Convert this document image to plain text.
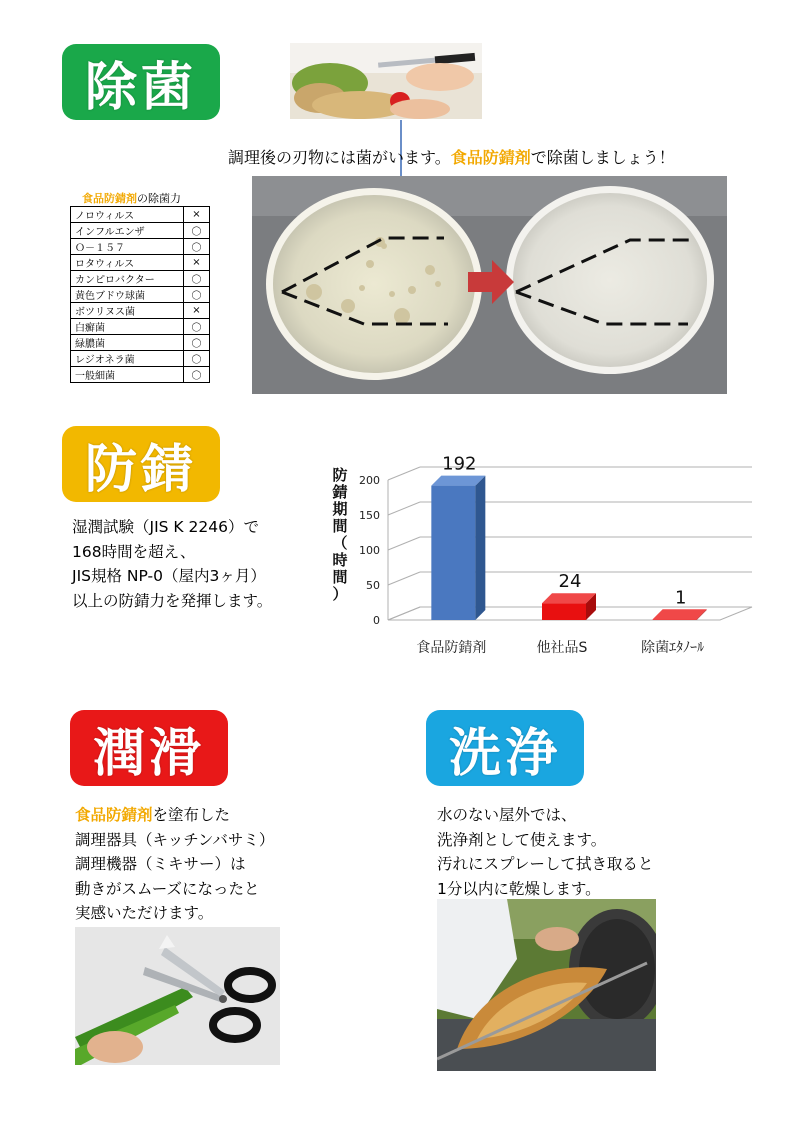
除菌
調理後の刃物には菌がいます。食品防錆剤で除菌しましょう！
食品防錆剤の除菌力
ノロウィルス	×
インフルエンザ	〇
Ｏ－１５７	〇
ロタウィルス	×
カンピロバクター	〇
黄色ブドウ球菌	〇
ボツリヌス菌	×
白癬菌	〇
緑膿菌	〇
レジオネラ菌	〇
一般細菌	〇
防錆
湿潤試験（JIS K 2246）で
168時間を超え、
JIS規格 NP-0（屋内3ヶ月）
以上の防錆力を発揮します。
0
50
100
150
200
192
食品防錆剤
24
他社品S
1
除菌ｴﾀﾉｰﾙ
防
錆
期
間
（
時
間
）
潤滑
食品防錆剤を塗布した
調理器具（キッチンバサミ）
調理機器（ミキサー）は
動きがスムーズになったと
実感いただけます。
洗浄
水のない屋外では、
洗浄剤として使えます。
汚れにスプレーして拭き取ると
1分以内に乾燥します。
